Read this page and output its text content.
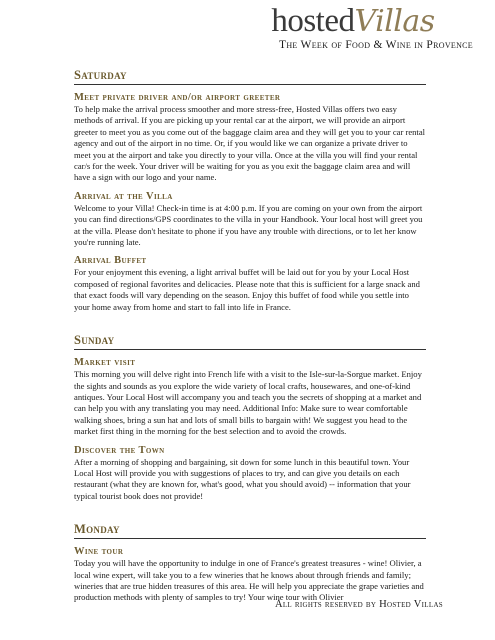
hostedVillas
The Week of Food & Wine in Provence
Saturday
Meet private driver and/or airport greeter

To help make the arrival process smoother and more stress-free, Hosted Villas offers two easy methods of arrival. If you are picking up your rental car at the airport, we will provide an airport greeter to meet you as you come out of the baggage claim area and they will get you to your car rental agency and out of the airport in no time. Or, if you would like we can organize a private driver to meet you at the airport and take you directly to your villa. Once at the villa you will find your rental car/s for the week. Your driver will be waiting for you as you exit the baggage claim area and will have a sign with our logo and your name.

Arrival at the Villa

Welcome to your Villa! Check-in time is at 4:00 p.m. If you are coming on your own from the airport you can find directions/GPS coordinates to the villa in your Handbook. Your local host will greet you at the villa. Please don't hesitate to phone if you have any trouble with directions, or to let her know you're running late.

Arrival Buffet

For your enjoyment this evening, a light arrival buffet will be laid out for you by your Local Host composed of regional favorites and delicacies. Please note that this is sufficient for a large snack and that exact foods will vary depending on the season. Enjoy this buffet of food while you settle into your home away from home and start to fall into life in France.

Sunday
Market visit

This morning you will delve right into French life with a visit to the Isle-sur-la-Sorgue market. Enjoy the sights and sounds as you explore the wide variety of local crafts, housewares, and one-of-kind antiques. Your Local Host will accompany you and teach you the secrets of shopping at a market and can help you with any translating you may need. Additional Info: Make sure to wear comfortable walking shoes, bring a sun hat and lots of small bills to bargain with! We suggest you head to the market first thing in the morning for the best selection and to avoid the crowds.

Discover the Town

After a morning of shopping and bargaining, sit down for some lunch in this beautiful town. Your Local Host will provide you with suggestions of places to try, and can give you details on each restaurant (what they are known for, what's good, what you should avoid) -- information that your typical tourist book does not provide!

Monday
Wine tour

Today you will have the opportunity to indulge in one of France's greatest treasures - wine! Olivier, a local wine expert, will take you to a few wineries that he knows about through friends and family; wineries that are true hidden treasures of this area. He will help you appreciate the grape varieties and production methods with plenty of samples to try! Your wine tour with Olivier

All rights reserved by Hosted Villas
